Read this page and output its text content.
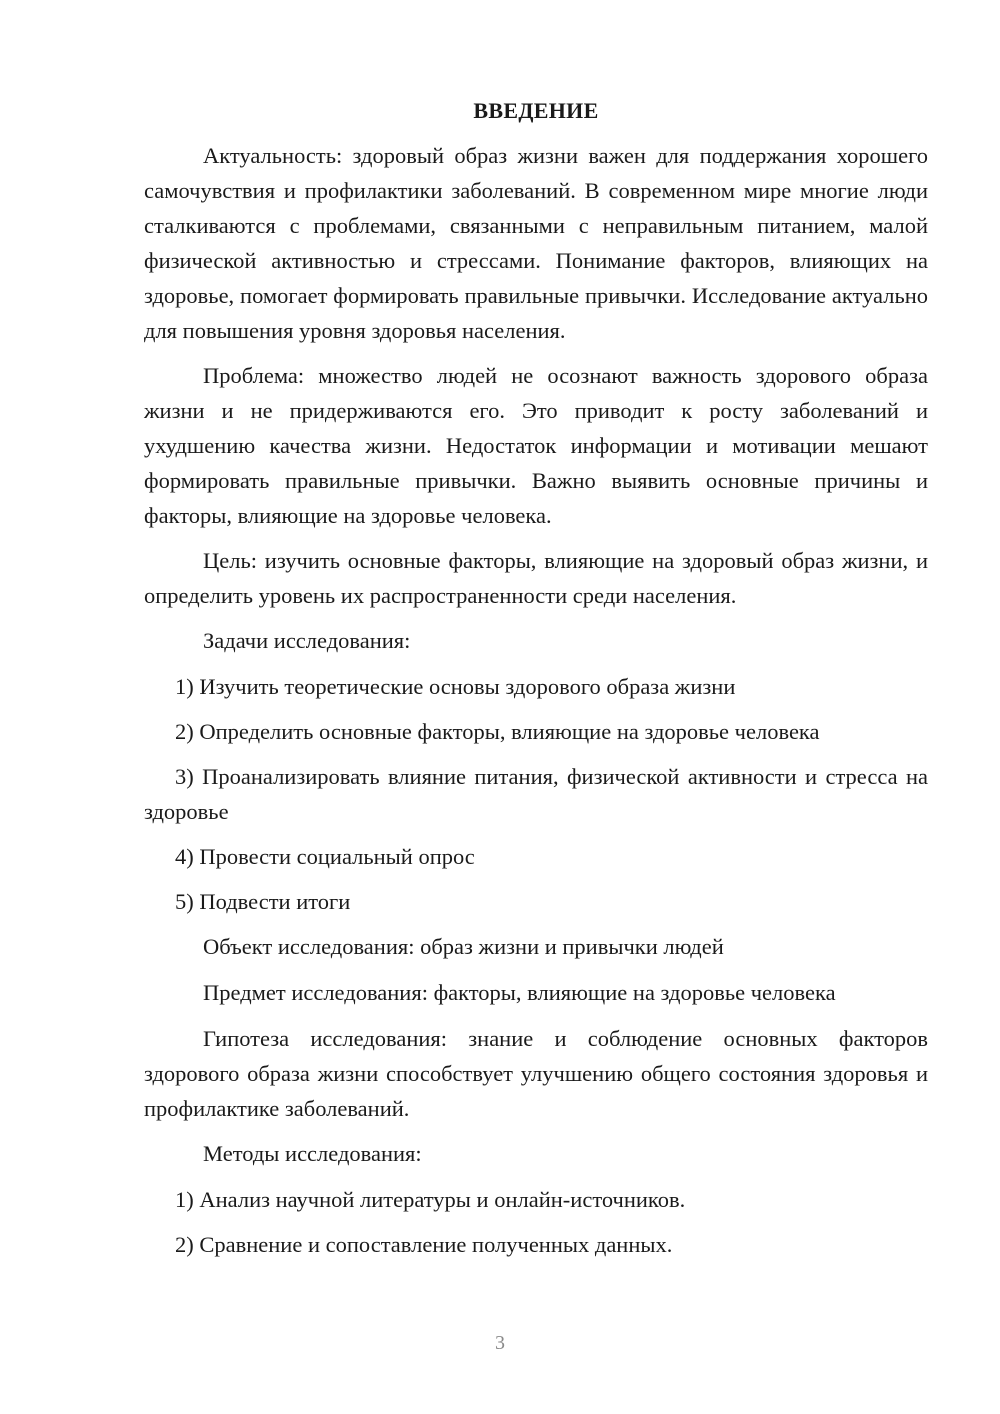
ВВЕДЕНИЕ

Актуальность: здоровый образ жизни важен для поддержания хорошего самочувствия и профилактики заболеваний. В современном мире многие люди сталкиваются с проблемами, связанными с неправильным питанием, малой физической активностью и стрессами. Понимание факторов, влияющих на здоровье, помогает формировать правильные привычки. Исследование актуально для повышения уровня здоровья населения.

Проблема: множество людей не осознают важность здорового образа жизни и не придерживаются его. Это приводит к росту заболеваний и ухудшению качества жизни. Недостаток информации и мотивации мешают формировать правильные привычки. Важно выявить основные причины и факторы, влияющие на здоровье человека.

Цель: изучить основные факторы, влияющие на здоровый образ жизни, и определить уровень их распространенности среди населения.

Задачи исследования:

1) Изучить теоретические основы здорового образа жизни

2) Определить основные факторы, влияющие на здоровье человека

3) Проанализировать влияние питания, физической активности и стресса на здоровье

4) Провести социальный опрос

5) Подвести итоги

Объект исследования: образ жизни и привычки людей

Предмет исследования: факторы, влияющие на здоровье человека

Гипотеза исследования: знание и соблюдение основных факторов здорового образа жизни способствует улучшению общего состояния здоровья и профилактике заболеваний.

Методы исследования:

1) Анализ научной литературы и онлайн-источников.

2) Сравнение и сопоставление полученных данных.

3
